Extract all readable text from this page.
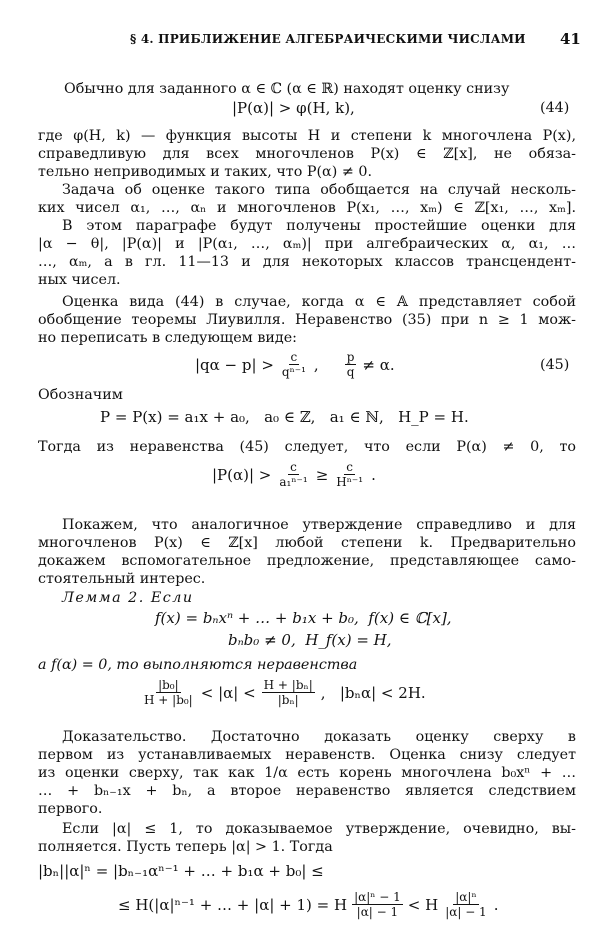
§ 4. ПРИБЛИЖЕНИЕ АЛГЕБРАИЧЕСКИМИ ЧИСЛАМИ 41
Обычно для заданного α ∈ ℂ (α ∈ ℝ) находят оценку снизу
|P(α)| > φ(H, k),	(44)
где φ(H, k) — функция высоты H и степени k многочлена P(x),
справедливую для всех многочленов P(x) ∈ ℤ[x], не обяза-
тельно неприводимых и таких, что P(α) ≠ 0.
Задача об оценке такого типа обобщается на случай несколь-
ких чисел α₁, …, αₙ и многочленов P(x₁, …, xₘ) ∈ ℤ[x₁, …, xₘ].
В этом параграфе будут получены простейшие оценки для
|α − θ|, |P(α)| и |P(α₁, …, αₘ)| при алгебраических α, α₁, …
…, αₘ, а в гл. 11—13 и для некоторых классов трансцендент-
ных чисел.
Оценка вида (44) в случае, когда α ∈ 𝔸 представляет собой
обобщение теоремы Лиувилля. Неравенство (35) при n ≥ 1 мож-
но переписать в следующем виде:
$|q\alpha - p| > \frac{c}{\text{qⁿ⁻¹}}$ , $\frac{p}{q} \ne \alpha$.	(45)
Обозначим
P = P(x) = a₁x + a₀,   a₀ ∈ ℤ,   a₁ ∈ ℕ,   H_P = H.
Тогда из неравенства (45) следует, что если P(α) ≠ 0, то
$|P(\alpha)| > \frac{c}{\text{a₁ⁿ⁻¹}} \ge \frac{c}{\text{Hⁿ⁻¹}}$ .
Покажем, что аналогичное утверждение справедливо и для
многочленов P(x) ∈ ℤ[x] любой степени k. Предварительно
докажем вспомогательное предложение, представляющее само-
стоятельный интерес.
Лемма 2. Если
f(x) = bₙxⁿ + … + b₁x + b₀,  f(x) ∈ ℂ[x],
bₙb₀ ≠ 0,  H_f(x) = H,
а f(α) = 0, то выполняются неравенства
$\frac{\text{|b₀|}}{\text{H + |b₀|}} < |\alpha| < \frac{\text{H + |bₙ|}}{\text{|bₙ|}}$ ,   |bₙα| < 2H.
Доказательство. Достаточно доказать оценку сверху в
первом из устанавливаемых неравенств. Оценка снизу следует
из оценки сверху, так как 1/α есть корень многочлена b₀xⁿ + …
… + bₙ₋₁x + bₙ, а второе неравенство является следствием
первого.
Если |α| ≤ 1, то доказываемое утверждение, очевидно, вы-
полняется. Пусть теперь |α| > 1. Тогда
|bₙ||α|ⁿ = |bₙ₋₁αⁿ⁻¹ + … + b₁α + b₀| ≤
≤ H(|α|ⁿ⁻¹ + … + |α| + 1) = H $\frac{\text{|α|ⁿ − 1}}{|\alpha| - 1} < H \frac{\text{|α|ⁿ}}{|\alpha| - 1}$ .
